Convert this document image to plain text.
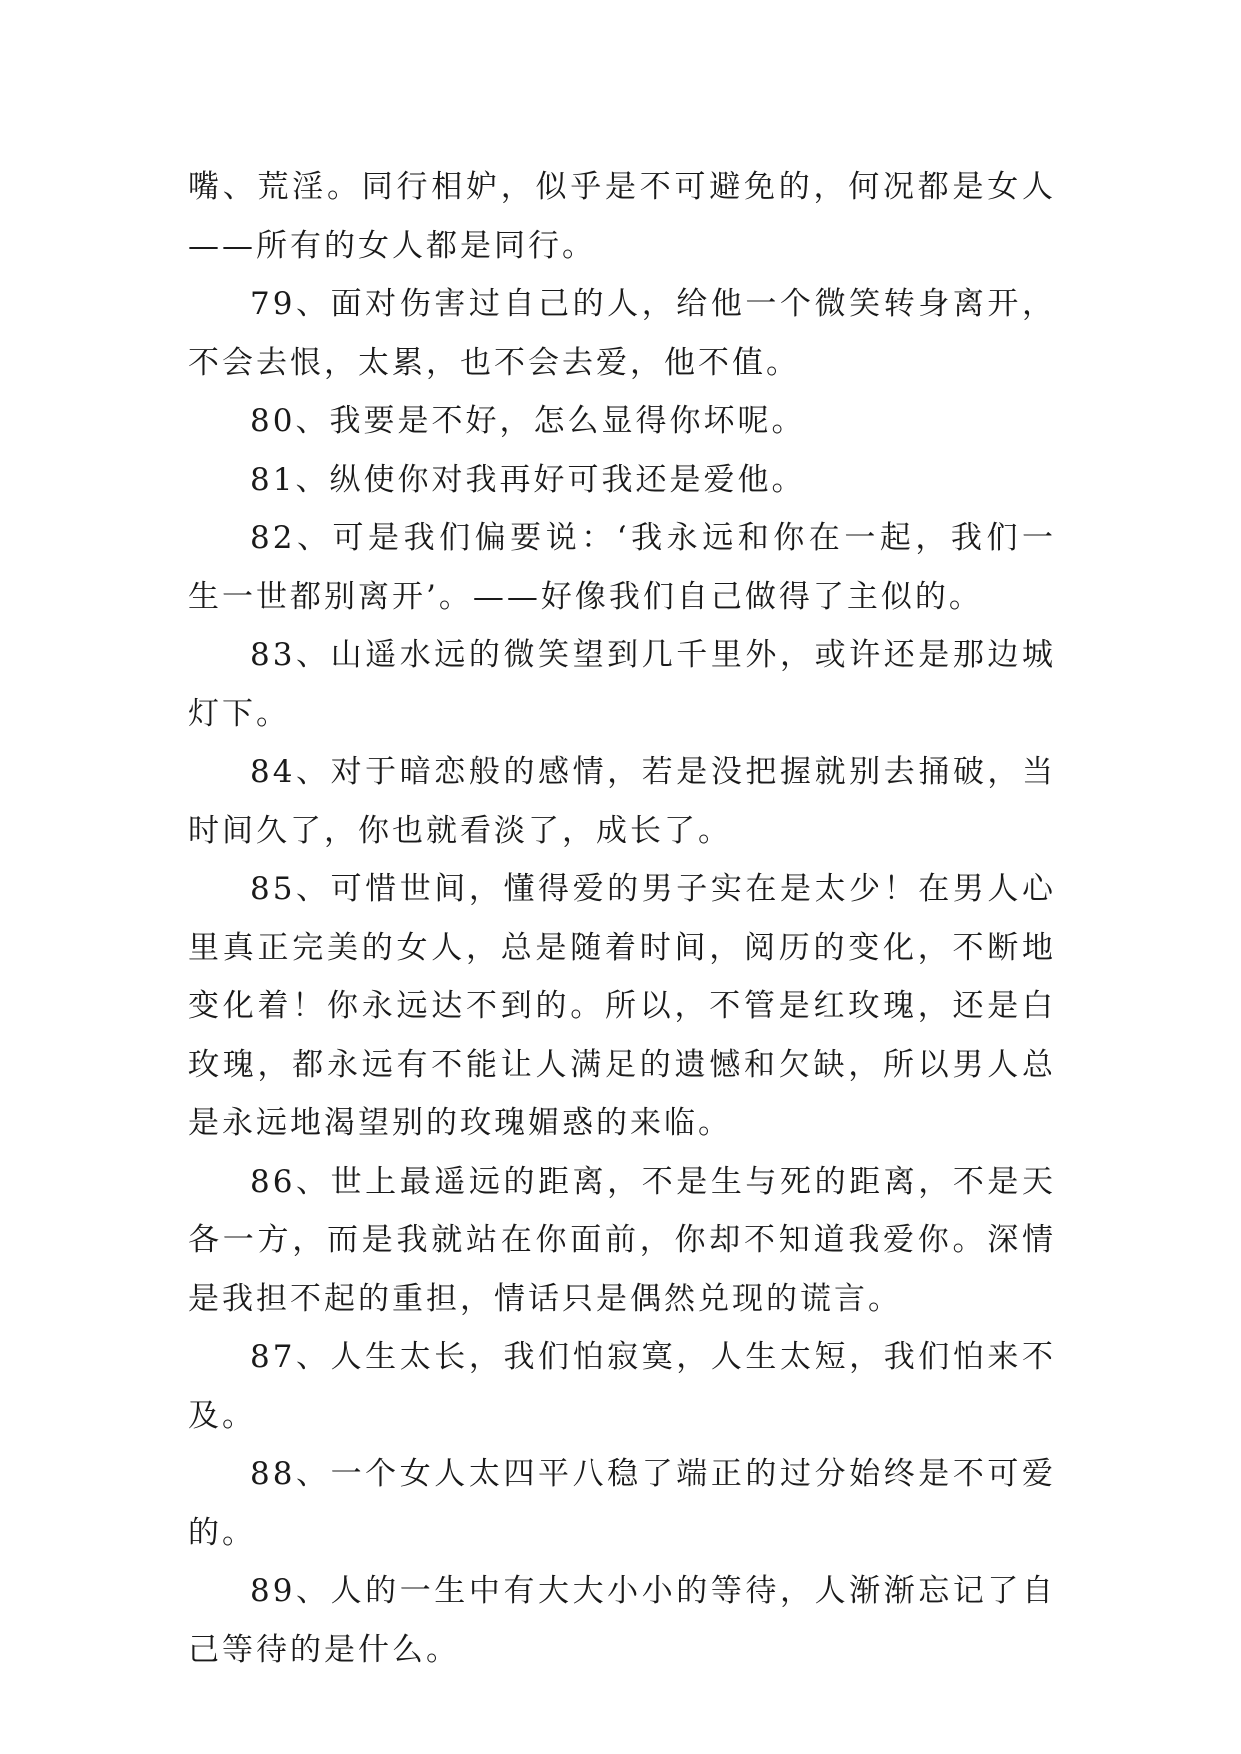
嘴、荒淫。同行相妒，似乎是不可避免的，何况都是女人——所有的女人都是同行。

79、面对伤害过自己的人，给他一个微笑转身离开，不会去恨，太累，也不会去爱，他不值。

80、我要是不好，怎么显得你坏呢。

81、纵使你对我再好可我还是爱他。

82、可是我们偏要说：‘我永远和你在一起，我们一生一世都别离开’。——好像我们自己做得了主似的。

83、山遥水远的微笑望到几千里外，或许还是那边城灯下。

84、对于暗恋般的感情，若是没把握就别去捅破，当时间久了，你也就看淡了，成长了。

85、可惜世间，懂得爱的男子实在是太少！在男人心里真正完美的女人，总是随着时间，阅历的变化，不断地变化着！你永远达不到的。所以，不管是红玫瑰，还是白玫瑰，都永远有不能让人满足的遗憾和欠缺，所以男人总是永远地渴望别的玫瑰媚惑的来临。

86、世上最遥远的距离，不是生与死的距离，不是天各一方，而是我就站在你面前，你却不知道我爱你。深情是我担不起的重担，情话只是偶然兑现的谎言。

87、人生太长，我们怕寂寞，人生太短，我们怕来不及。

88、一个女人太四平八稳了端正的过分始终是不可爱的。

89、人的一生中有大大小小的等待，人渐渐忘记了自己等待的是什么。
